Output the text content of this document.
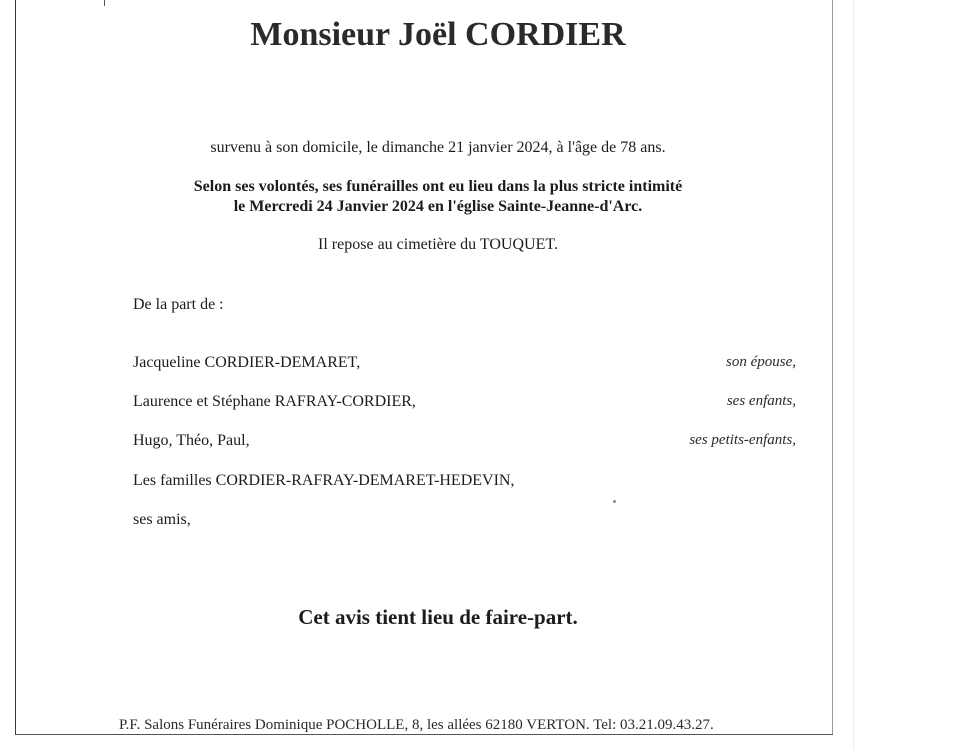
Monsieur Joël CORDIER
survenu à son domicile, le dimanche 21 janvier 2024, à l'âge de 78 ans.
Selon ses volontés, ses funérailles ont eu lieu dans la plus stricte intimité
le Mercredi 24 Janvier 2024 en l'église Sainte-Jeanne-d'Arc.
Il repose au cimetière du TOUQUET.
De la part de :
Jacqueline CORDIER-DEMARET,	son épouse,
Laurence et Stéphane RAFRAY-CORDIER,	ses enfants,
Hugo, Théo, Paul,	ses petits-enfants,
Les familles CORDIER-RAFRAY-DEMARET-HEDEVIN,
ses amis,
Cet avis tient lieu de faire-part.
P.F. Salons Funéraires Dominique POCHOLLE, 8, les allées 62180 VERTON. Tel: 03.21.09.43.27.
